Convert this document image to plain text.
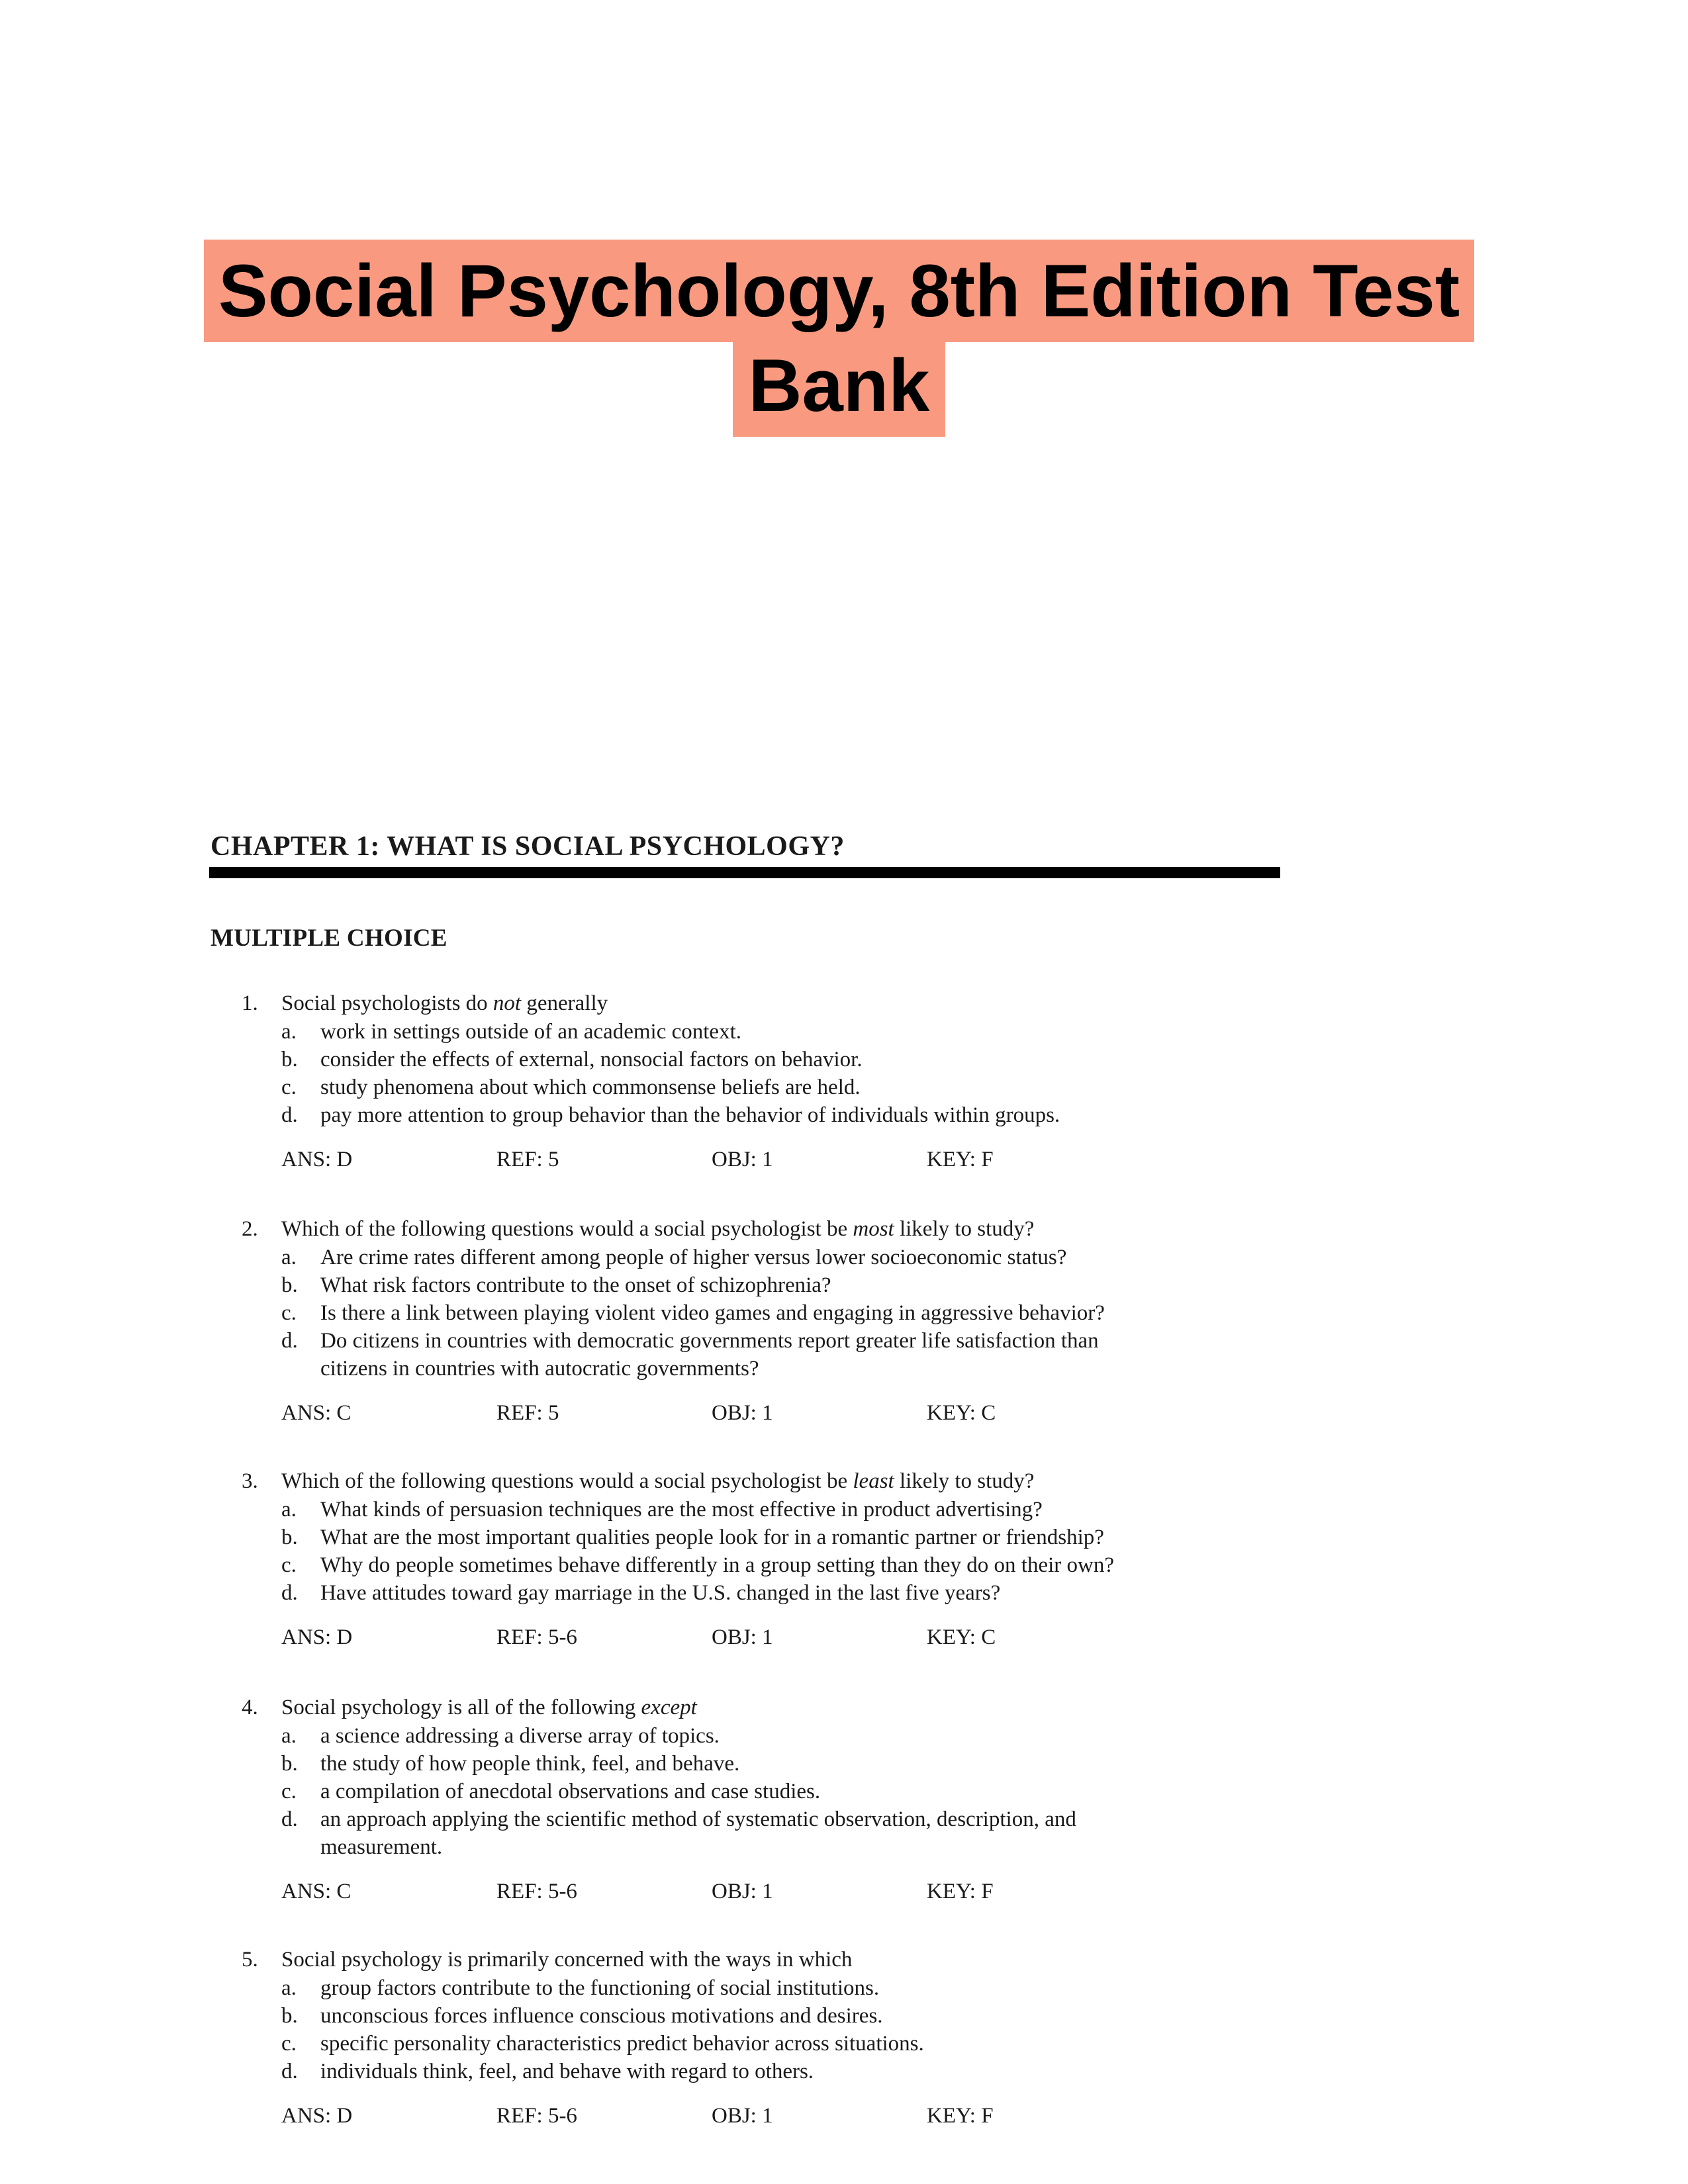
Social Psychology, 8th Edition Test
Bank
CHAPTER 1: WHAT IS SOCIAL PSYCHOLOGY?
MULTIPLE CHOICE
1.	Social psychologists do not generally
a.	work in settings outside of an academic context.
b.	consider the effects of external, nonsocial factors on behavior.
c.	study phenomena about which commonsense beliefs are held.
d.	pay more attention to group behavior than the behavior of individuals within groups.
ANS: D	REF: 5	OBJ: 1	KEY: F
2.	Which of the following questions would a social psychologist be most likely to study?
a.	Are crime rates different among people of higher versus lower socioeconomic status?
b.	What risk factors contribute to the onset of schizophrenia?
c.	Is there a link between playing violent video games and engaging in aggressive behavior?
d.	Do citizens in countries with democratic governments report greater life satisfaction than
citizens in countries with autocratic governments?
ANS: C	REF: 5	OBJ: 1	KEY: C
3.	Which of the following questions would a social psychologist be least likely to study?
a.	What kinds of persuasion techniques are the most effective in product advertising?
b.	What are the most important qualities people look for in a romantic partner or friendship?
c.	Why do people sometimes behave differently in a group setting than they do on their own?
d.	Have attitudes toward gay marriage in the U.S. changed in the last five years?
ANS: D	REF: 5-6	OBJ: 1	KEY: C
4.	Social psychology is all of the following except
a.	a science addressing a diverse array of topics.
b.	the study of how people think, feel, and behave.
c.	a compilation of anecdotal observations and case studies.
d.	an approach applying the scientific method of systematic observation, description, and
measurement.
ANS: C	REF: 5-6	OBJ: 1	KEY: F
5.	Social psychology is primarily concerned with the ways in which
a.	group factors contribute to the functioning of social institutions.
b.	unconscious forces influence conscious motivations and desires.
c.	specific personality characteristics predict behavior across situations.
d.	individuals think, feel, and behave with regard to others.
ANS: D	REF: 5-6	OBJ: 1	KEY: F
